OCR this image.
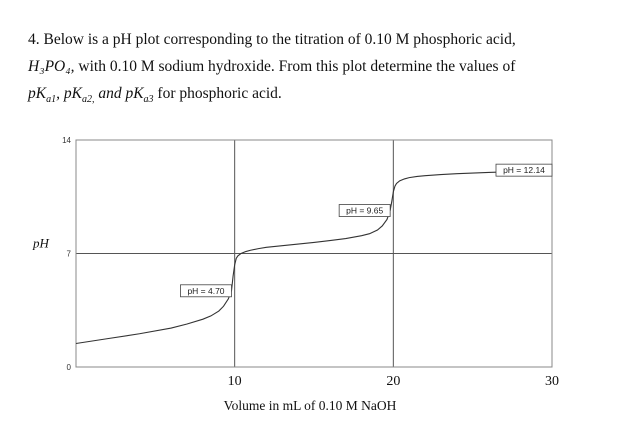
4. Below is a pH plot corresponding to the titration of 0.10 M phosphoric acid,
H₃PO₄, with 0.10 M sodium hydroxide. From this plot determine the values of
$pK_{a1}$, $pK_{a2,}$ and $pK_{a3}$ for phosphoric acid.
0
7
14
10	20	30
pH = 4.70
pH = 9.65
pH = 12.14
pH
Volume in mL of 0.10 M NaOH
